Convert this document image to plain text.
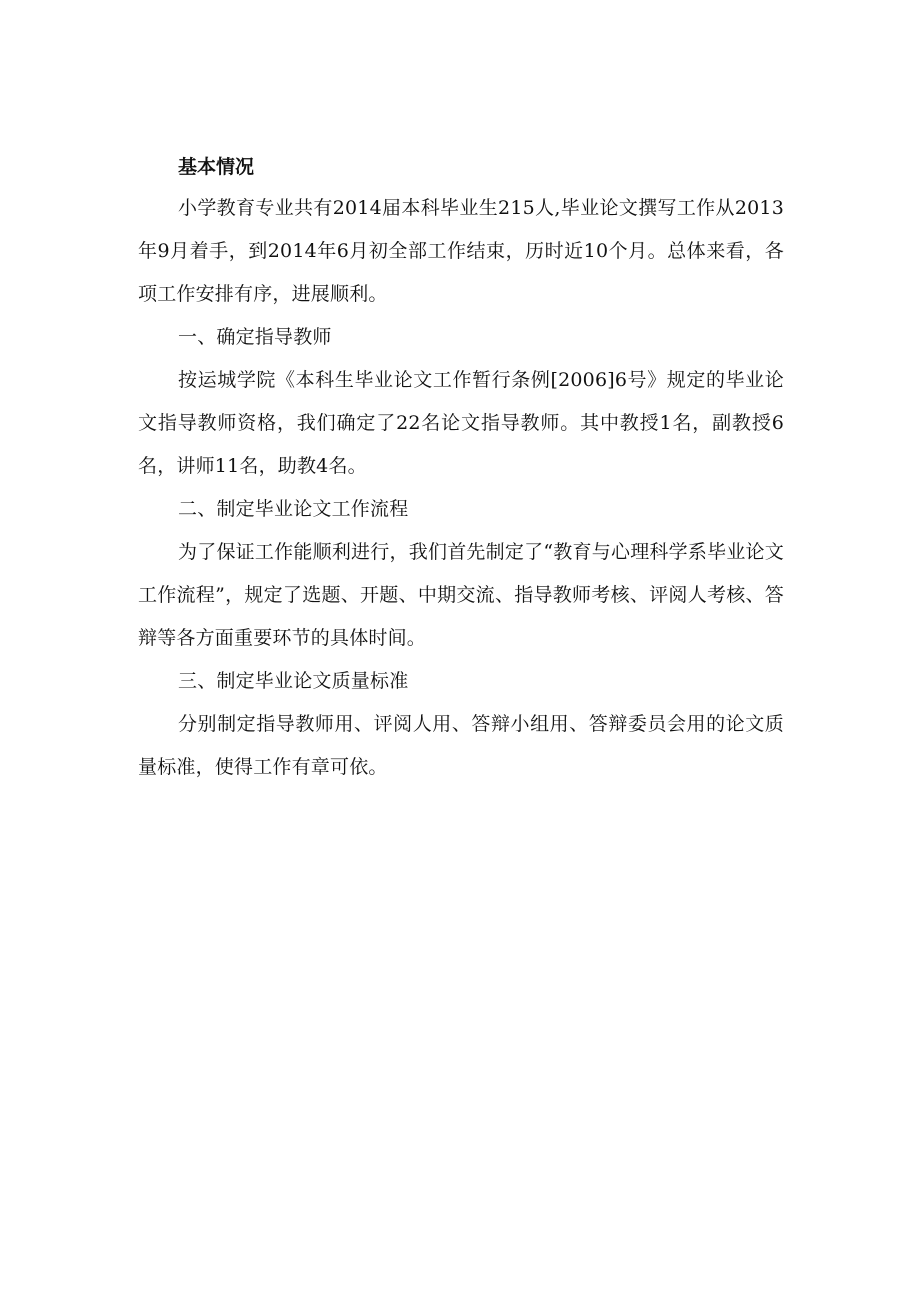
基本情况

小学教育专业共有2014届本科毕业生215人,毕业论文撰写工作从2013年9月着手，到2014年6月初全部工作结束，历时近10个月。总体来看，各项工作安排有序，进展顺利。

一、确定指导教师

按运城学院《本科生毕业论文工作暂行条例[2006]6号》规定的毕业论文指导教师资格，我们确定了22名论文指导教师。其中教授1名，副教授6名，讲师11名，助教4名。

二、制定毕业论文工作流程

为了保证工作能顺利进行，我们首先制定了“教育与心理科学系毕业论文工作流程”，规定了选题、开题、中期交流、指导教师考核、评阅人考核、答辩等各方面重要环节的具体时间。

三、制定毕业论文质量标准

分别制定指导教师用、评阅人用、答辩小组用、答辩委员会用的论文质量标准，使得工作有章可依。
